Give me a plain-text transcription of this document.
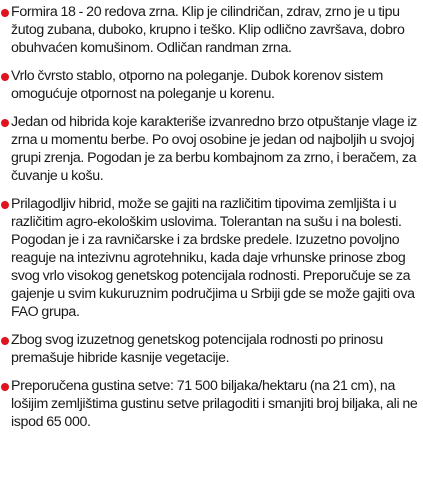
Formira 18 - 20 redova zrna. Klip je cilindričan, zdrav, zrno je u tipu žutog zubana, duboko, krupno i teško. Klip odlično završava, dobro obuhvaćen komušinom. Odličan randman zrna.
Vrlo čvrsto stablo, otporno na poleganje. Dubok korenov sistem omogućuje otpornost na poleganje u korenu.
Jedan od hibrida koje karakteriše izvanredno brzo otpuštanje vlage iz zrna u momentu berbe. Po ovoj osobine je jedan od najboljih u svojoj grupi zrenja. Pogodan je za berbu kombajnom za zrno, i beračem, za čuvanje u košu.
Prilagodljiv hibrid, može se gajiti na različitim tipovima zemljišta i u različitim agro-ekološkim uslovima. Tolerantan na sušu i na bolesti. Pogodan je i za ravničarske i za brdske predele. Izuzetno povoljno reaguje na intezivnu agrotehniku, kada daje vrhunske prinose zbog svog vrlo visokog genetskog potencijala rodnosti. Preporučuje se za gajenje u svim kukuruznim područjima u Srbiji gde se može gajiti ova FAO grupa.
Zbog svog izuzetnog genetskog potencijala rodnosti po prinosu premašuje hibride kasnije vegetacije.
Preporučena gustina setve: 71 500 biljaka/hektaru (na 21 cm), na lošijim zemljištima gustinu setve prilagoditi i smanjiti broj biljaka, ali ne ispod 65 000.
